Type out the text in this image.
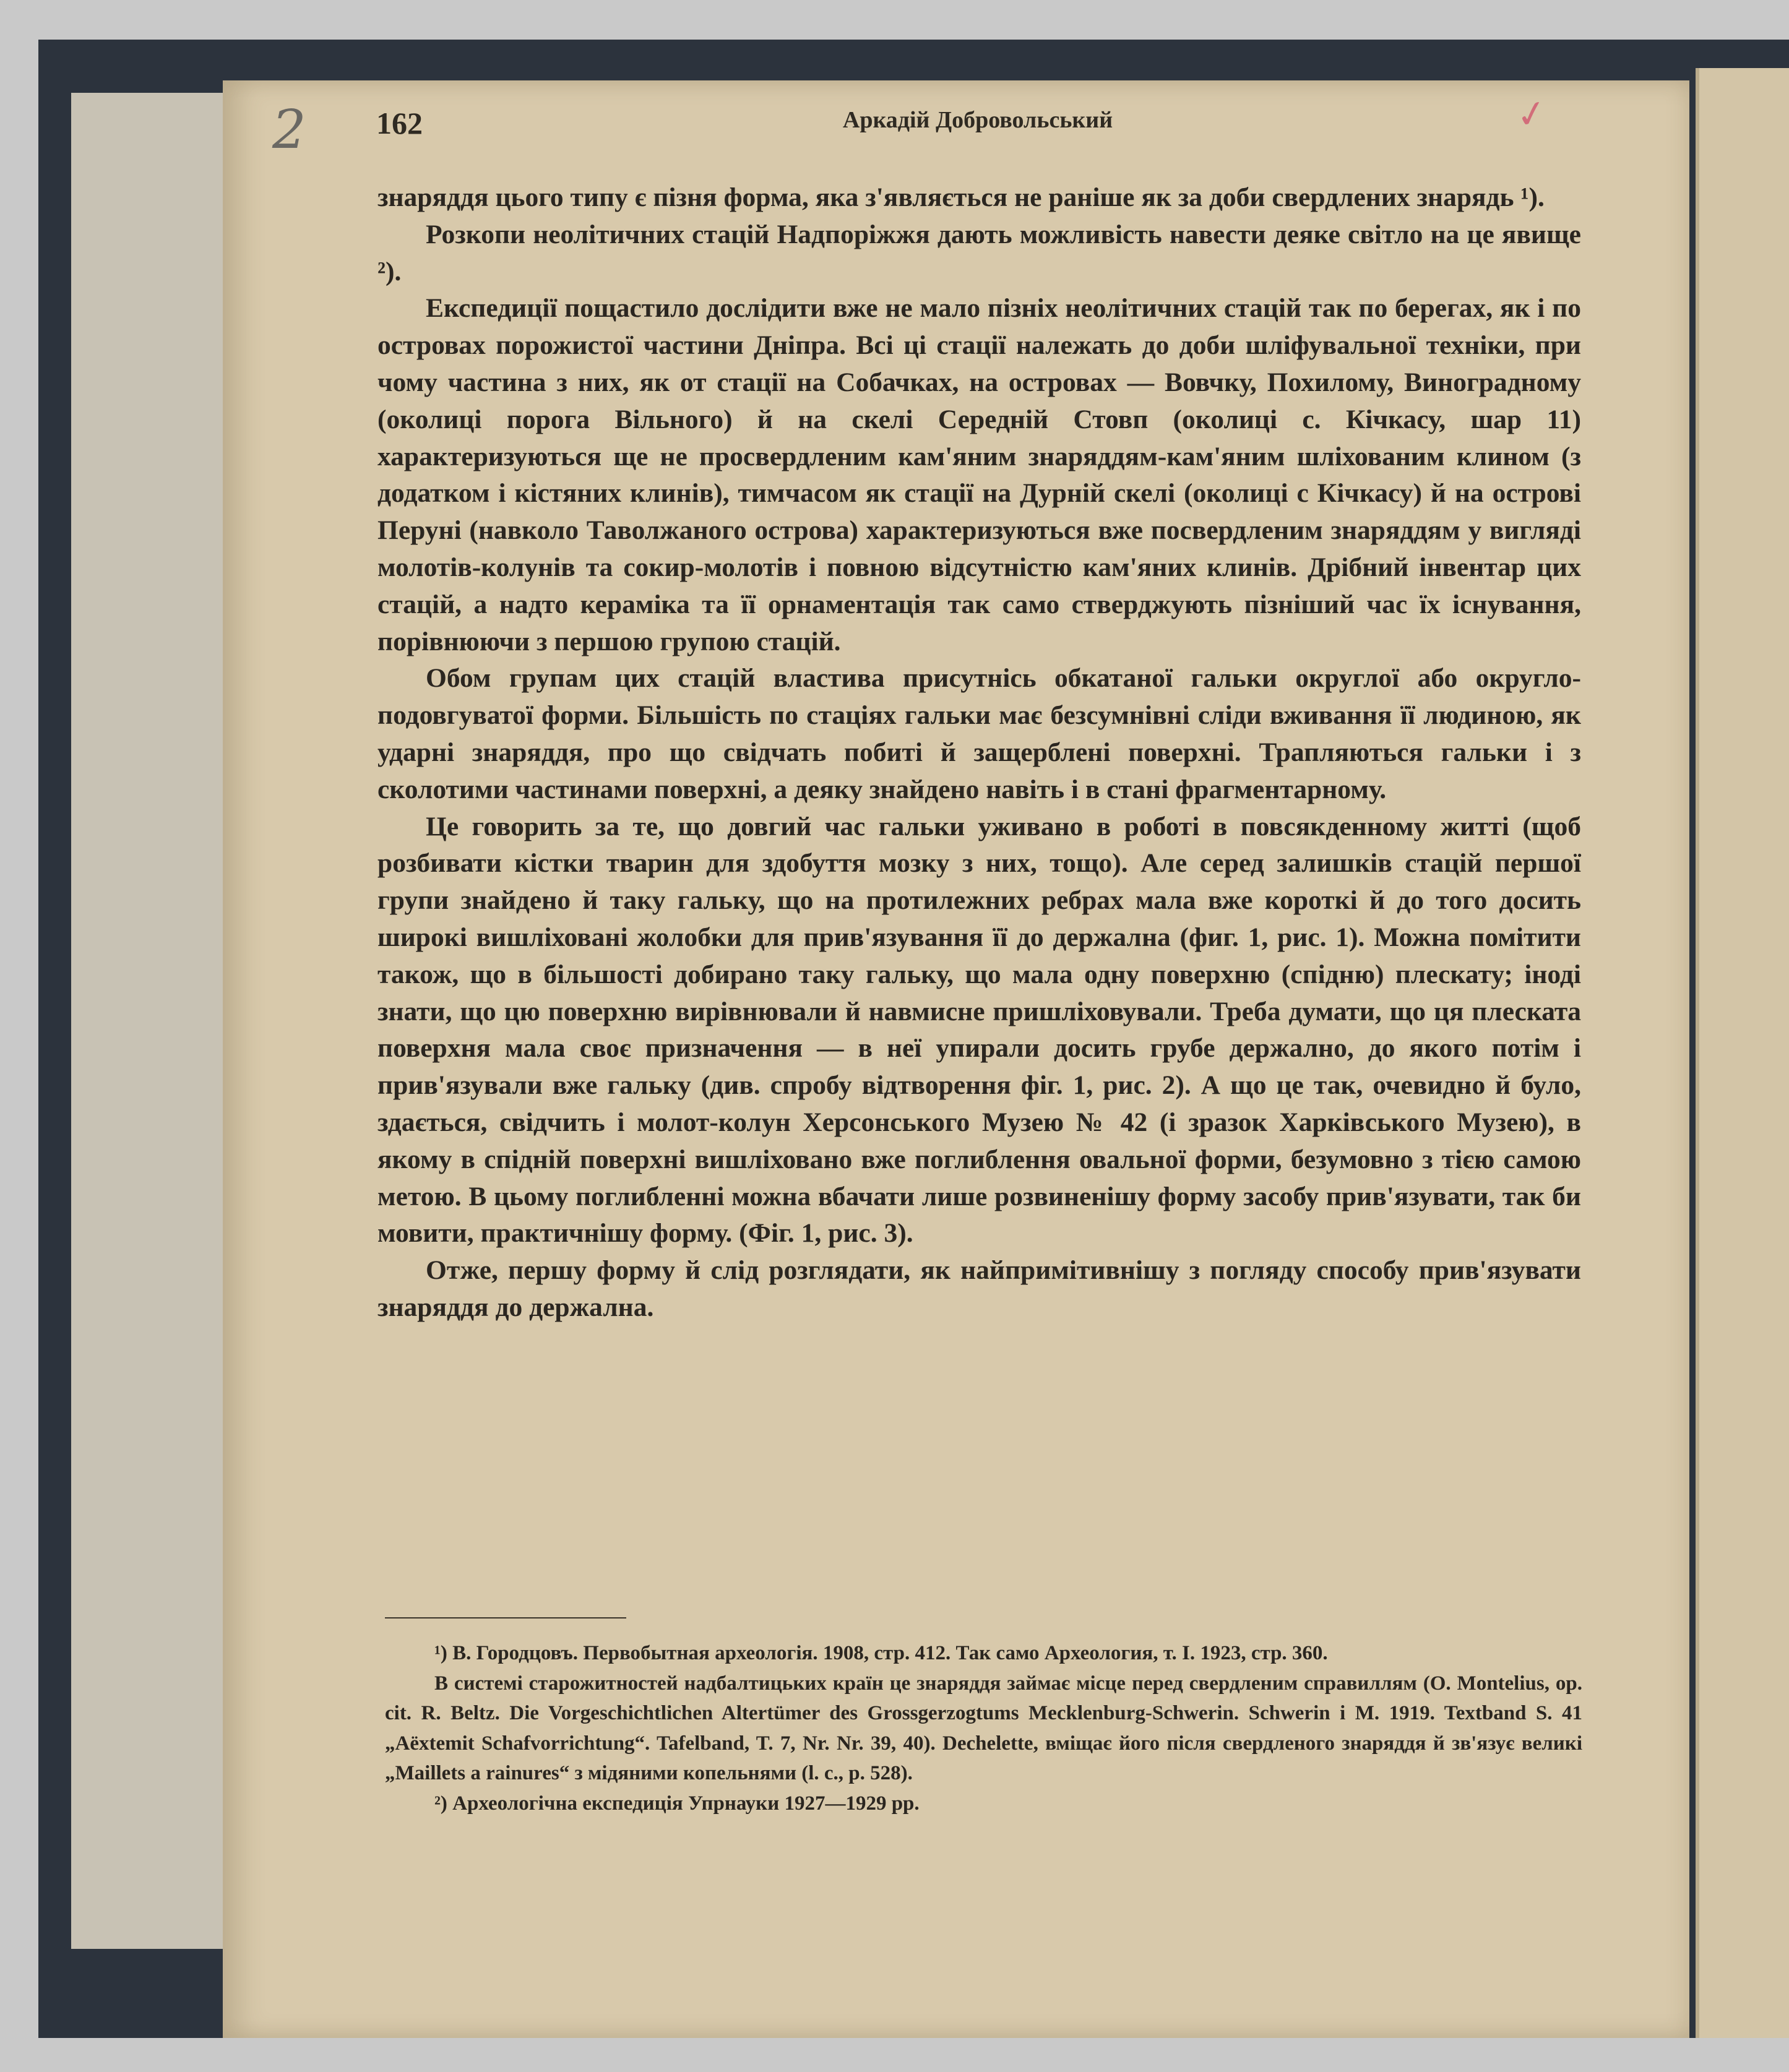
2 162	Аркадій Добровольський	✓

знаряддя цього типу є пізня форма, яка з'являється не раніше як за доби свердлених знарядь ¹).

Розкопи неолітичних стацій Надпоріжжя дають можливість навести деяке світло на це явище ²).

Експедиції пощастило дослідити вже не мало пізніх неолітичних стацій так по берегах, як і по островах порожистої частини Дніпра. Всі ці стації належать до доби шліфувальної техніки, при чому частина з них, як от стації на Собачках, на островах — Вовчку, Похилому, Виноградному (околиці порога Вільного) й на скелі Середній Стовп (околиці с. Кічкасу, шар 11) характеризуються ще не просвердленим кам'яним знаряддям-кам'яним шліхованим клином (з додатком і кістяних клинів), тимчасом як стації на Дурній скелі (околиці с Кічкасу) й на острові Перуні (навколо Таволжаного острова) характеризуються вже посвердленим знаряддям у вигляді молотів-колунів та сокир-молотів і повною відсутністю кам'яних клинів. Дрібний інвентар цих стацій, а надто кераміка та її орнаментація так само стверджують пізніший час їх існування, порівнюючи з першою групою стацій.

Обом групам цих стацій властива присутнісь обкатаної гальки округлої або округло-подовгуватої форми. Більшість по стаціях гальки має безсумнівні сліди вживання її людиною, як ударні знаряддя, про що свідчать побиті й защерблені поверхні. Трапляються гальки і з сколотими частинами поверхні, а деяку знайдено навіть і в стані фрагментарному.

Це говорить за те, що довгий час гальки уживано в роботі в повсякденному житті (щоб розбивати кістки тварин для здобуття мозку з них, тощо). Але серед залишків стацій першої групи знайдено й таку гальку, що на протилежних ребрах мала вже короткі й до того досить широкі вишліховані жолобки для прив'язування її до держална (фиг. 1, рис. 1). Можна помітити також, що в більшості добирано таку гальку, що мала одну поверхню (спідню) плескату; іноді знати, що цю поверхню вирівнювали й навмисне пришліховували. Треба думати, що ця плескатa поверхня мала своє призначення — в неї упирали досить грубе держално, до якого потім і прив'язували вже гальку (див. спробу відтворення фіг. 1, рис. 2). А що це так, очевидно й було, здається, свідчить і молот-колун Херсонського Музею № 42 (і зразок Харківського Музею), в якому в спідній поверхні вишліховано вже поглиблення овальної форми, безумовно з тією самою метою. В цьому поглибленні можна вбачати лише розвиненішу форму засобу прив'язувати, так би мовити, практичнішу форму. (Фіг. 1, рис. 3).

Отже, першу форму й слід розглядати, як найпримітивнішу з погляду способу прив'язувати знаряддя до держална.

¹) В. Городцовъ. Первобытная археологія. 1908, стр. 412. Так само Археология, т. I. 1923, стр. 360.

В системі старожитностей надбалтицьких країн це знаряддя займає місце перед свердленим справиллям (O. Montelius, op. cit. R. Beltz. Die Vorgeschichtlichen Altertümer des Grossgerzogtums Mecklenburg-Schwerin. Schwerin i M. 1919. Textband S. 41 „Aëxtemit Schafvorrichtung“. Tafelband, T. 7, Nr. Nr. 39, 40). Dechelette, вміщає його після свердленого знаряддя й зв'язує великі „Maillets a rainures“ з мідяними копельнями (l. c., p. 528).

²) Археологічна експедиція Упрнауки 1927—1929 рр.
